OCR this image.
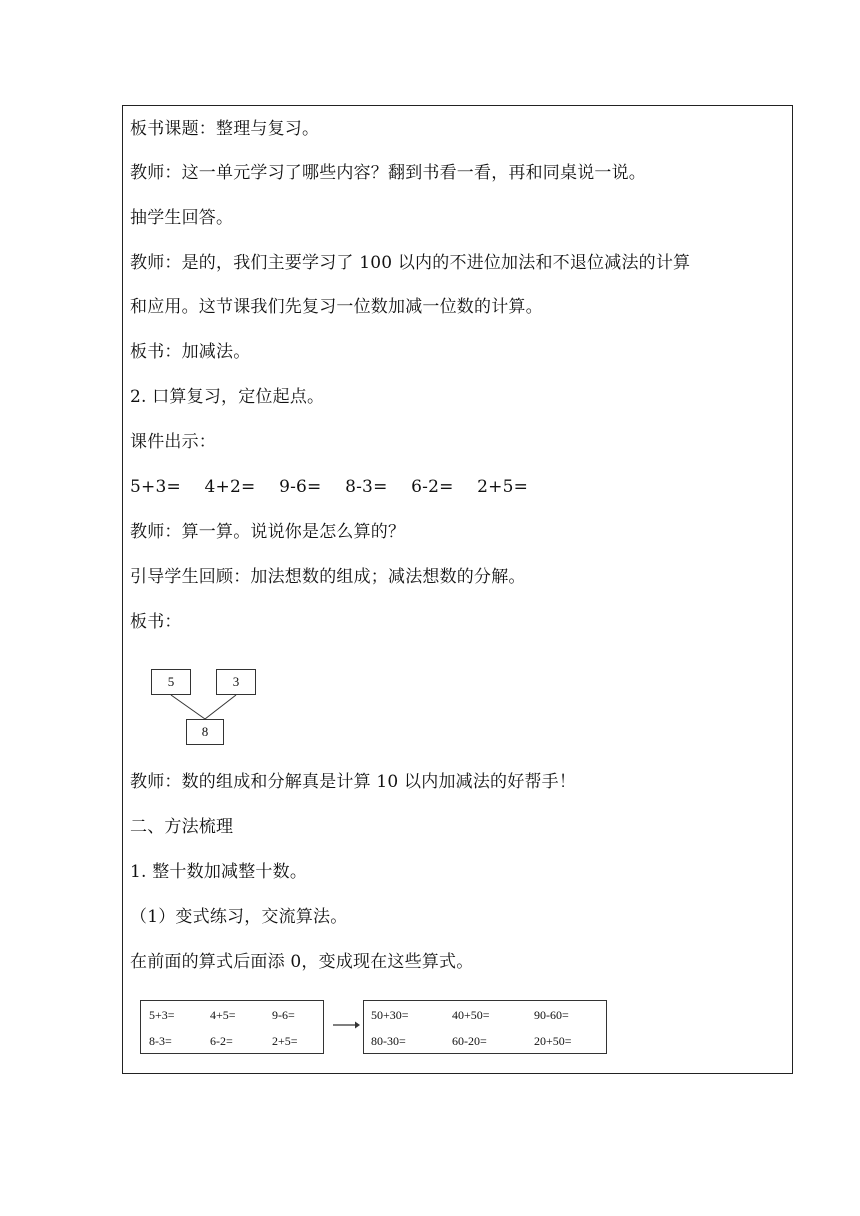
板书课题：整理与复习。
教师：这一单元学习了哪些内容？翻到书看一看，再和同桌说一说。
抽学生回答。
教师：是的，我们主要学习了 100 以内的不进位加法和不退位减法的计算
和应用。这节课我们先复习一位数加减一位数的计算。
板书：加减法。
2. 口算复习，定位起点。
课件出示：
5+3= 4+2= 9-6= 8-3= 6-2= 2+5=
教师：算一算。说说你是怎么算的？
引导学生回顾：加法想数的组成；减法想数的分解。
板书：
5	3
8
教师：数的组成和分解真是计算 10 以内加减法的好帮手！
二、方法梳理
1. 整十数加减整十数。
（1）变式练习，交流算法。
在前面的算式后面添 0，变成现在这些算式。
5+3=	4+5=	9-6=
8-3=	6-2=	2+5=
50+30=	40+50=	90-60=
80-30=	60-20=	20+50=
